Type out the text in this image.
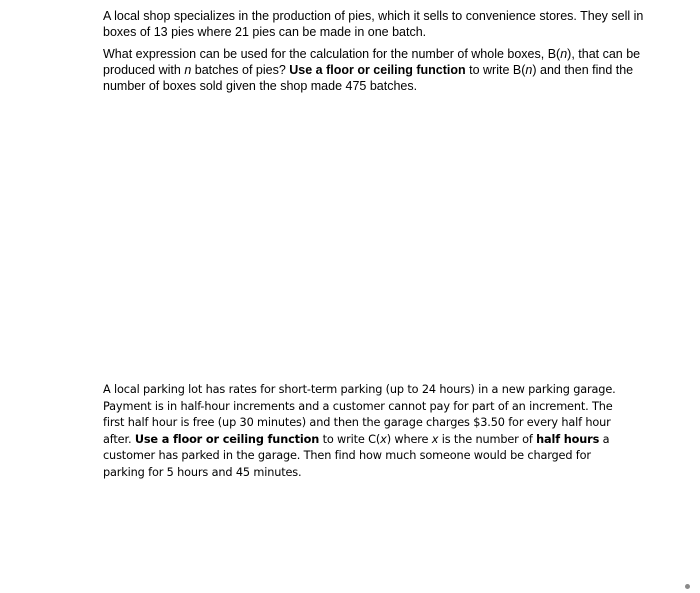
A local shop specializes in the production of pies, which it sells to convenience stores. They sell in boxes of 13 pies where 21 pies can be made in one batch.

What expression can be used for the calculation for the number of whole boxes, B(n), that can be produced with n batches of pies? Use a floor or ceiling function to write B(n) and then find the number of boxes sold given the shop made 475 batches.

A local parking lot has rates for short-term parking (up to 24 hours) in a new parking garage. Payment is in half-hour increments and a customer cannot pay for part of an increment. The first half hour is free (up 30 minutes) and then the garage charges $3.50 for every half hour after. Use a floor or ceiling function to write C(x) where x is the number of half hours a customer has parked in the garage. Then find how much someone would be charged for parking for 5 hours and 45 minutes.
